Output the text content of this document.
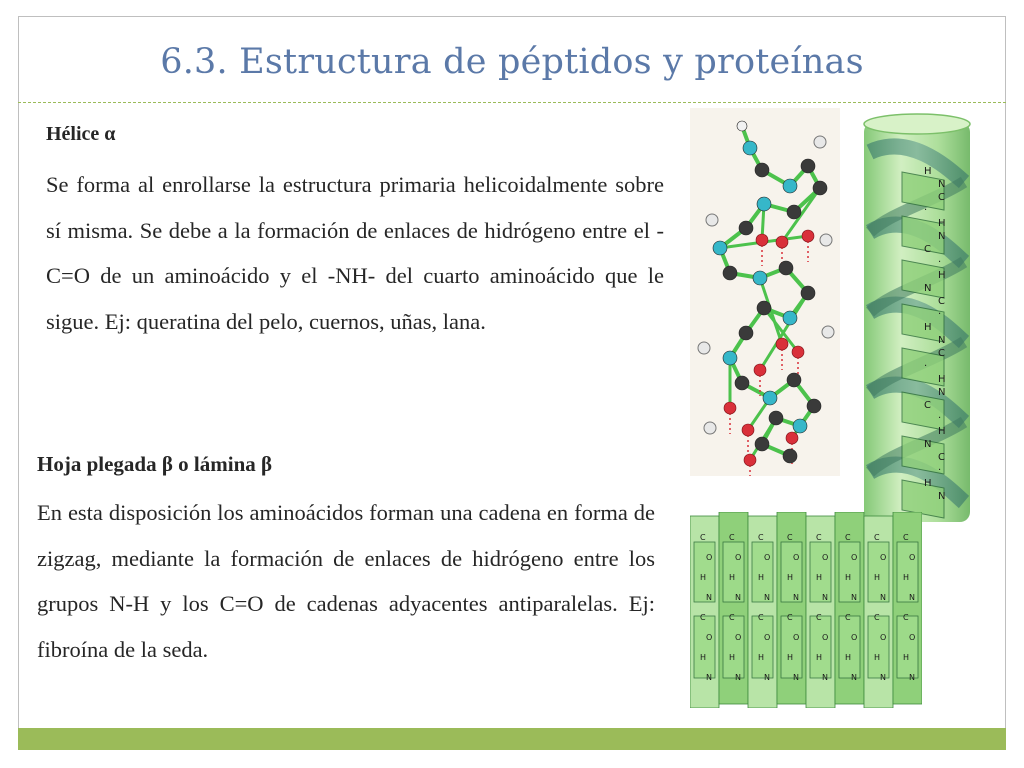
6.3. Estructura de péptidos y proteínas
Hélice α

Se forma al enrollarse la estructura primaria helicoidalmente sobre sí misma. Se debe a la formación de enlaces de hidrógeno entre el -C=O de un aminoácido y el -NH- del cuarto aminoácido que le sigue. Ej: queratina del pelo, cuernos, uñas, lana.

Hoja plegada β o lámina β

En esta disposición los aminoácidos forman una cadena en forma de zigzag, mediante la formación de enlaces de hidrógeno entre los grupos N-H y los C=O de cadenas adyacentes antiparalelas. Ej: fibroína de la seda.

H
N
C
·
H
N
C
·
H
N
C
·
H
N
C
·
H
N
C
·
H
N
C
·
H
N
C
O
H
N
C
O
H
N
C
O
H
N
C
O
H
N
C
O
H
N
C
O
H
N
C
O
H
N
C
O
H
N
C
O
H
N
C
O
H
N
C
O
H
N
C
O
H
N
C
O
H
N
C
O
H
N
C
O
H
N
C
O
H
N
